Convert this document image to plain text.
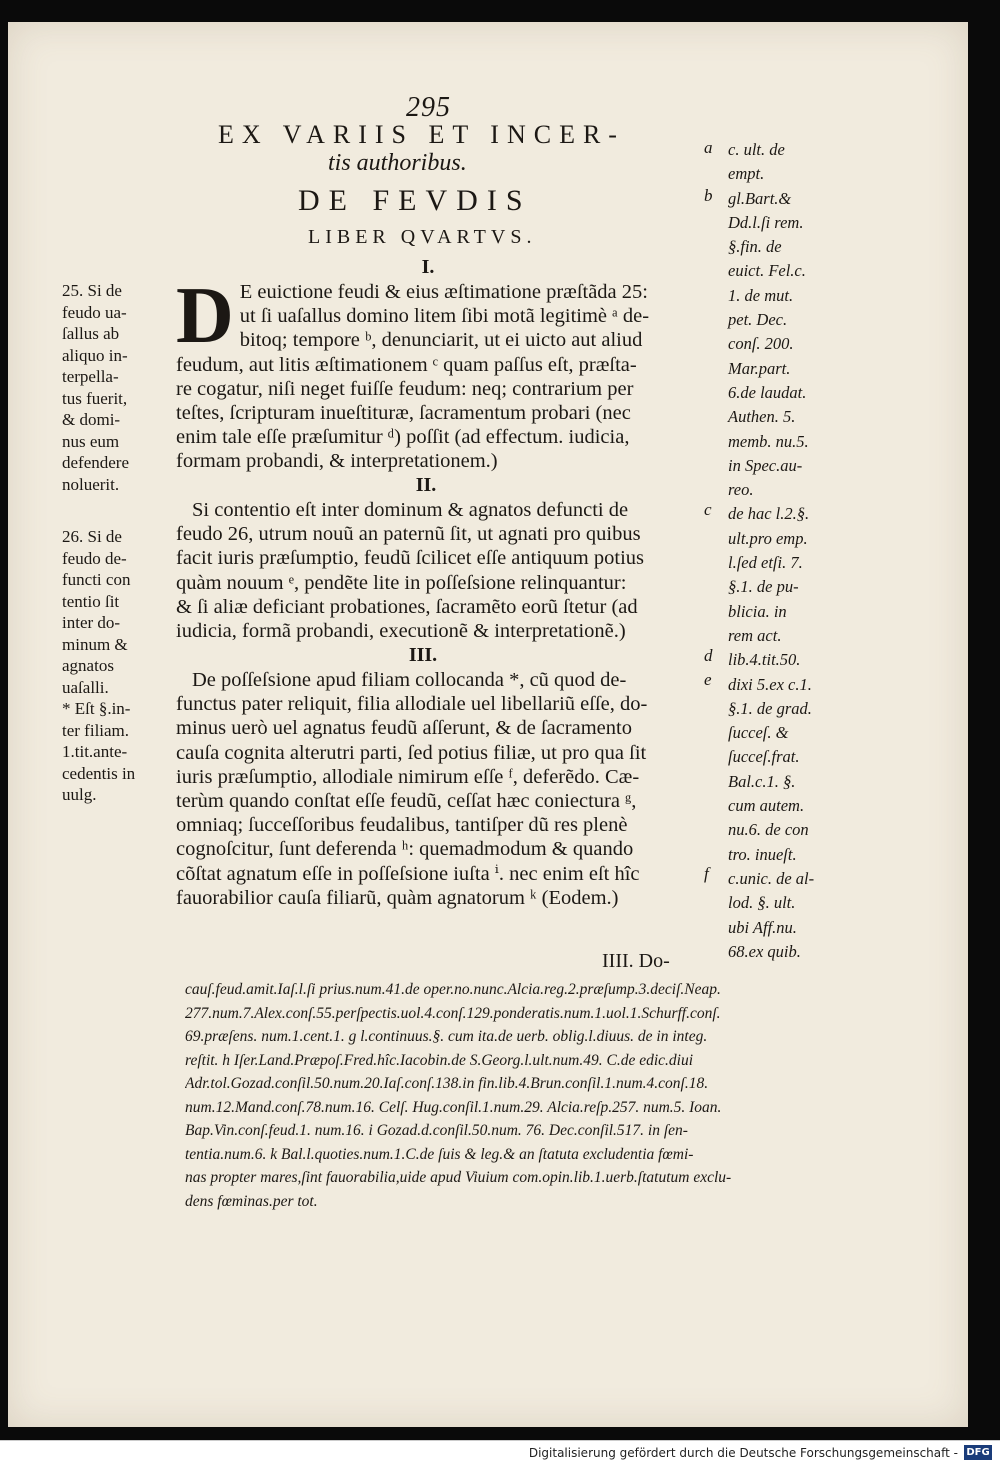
295
EX VARIIS ET INCER-
tis authoribus.
DE FEVDIS
LIBER QVARTVS.
I.
D E euictione feudi & eius æſtimatione præſtãda 25:
ut ſi uaſallus domino litem ſibi motã legitimè ᵃ de-
bitoq; tempore ᵇ, denunciarit, ut ei uicto aut aliud
feudum, aut litis æſtimationem ᶜ quam paſſus eſt, præſta-
re cogatur, niſi neget fuiſſe feudum: neq; contrarium per
teſtes, ſcripturam inueſtituræ, ſacramentum probari (nec
enim tale eſſe præſumitur ᵈ) poſſit (ad effectum. iudicia,
formam probandi, & interpretationem.)
II.
Si contentio eſt inter dominum & agnatos defuncti de
feudo 26, utrum nouũ an paternũ ſit, ut agnati pro quibus
facit iuris præſumptio, feudũ ſcilicet eſſe antiquum potius
quàm nouum ᵉ, pendẽte lite in poſſeſsione relinquantur:
& ſi aliæ deficiant probationes, ſacramẽto eorũ ſtetur (ad
iudicia, formã probandi, executionẽ & interpretationẽ.)
III.
De poſſeſsione apud filiam collocanda *, cũ quod de-
functus pater reliquit, filia allodiale uel libellariũ eſſe, do-
minus uerò uel agnatus feudũ aſſerunt, & de ſacramento
cauſa cognita alterutri parti, ſed potius filiæ, ut pro qua ſit
iuris præſumptio, allodiale nimirum eſſe ᶠ, deferẽdo. Cæ-
terùm quando conſtat eſſe feudũ, ceſſat hæc coniectura ᵍ,
omniaq; ſucceſſoribus feudalibus, tantiſper dũ res plenè
cognoſcitur, ſunt deferenda ʰ: quemadmodum & quando
cõſtat agnatum eſſe in poſſeſsione iuſta ⁱ. nec enim eſt hîc
fauorabilior cauſa filiarũ, quàm agnatorum ᵏ (Eodem.)
IIII. Do-
25. Si de
feudo ua-
ſallus ab
aliquo in-
terpella-
tus fuerit,
& domi-
nus eum
defendere
noluerit.
26. Si de
feudo de-
functi con
tentio ſit
inter do-
minum &
agnatos
uaſalli.
* Eſt §.in-
ter filiam.
1.tit.ante-
cedentis in
uulg.
a
b
c
d
e
f
c. ult. de
empt.
gl.Bart.&
Dd.l.ſi rem.
§.fin. de
euict. Fel.c.
1. de mut.
pet. Dec.
conſ. 200.
Mar.part.
6.de laudat.
Authen. 5.
memb. nu.5.
in Spec.au-
reo.
de hac l.2.§.
ult.pro emp.
l.ſed etſi. 7.
§.1. de pu-
blicia. in
rem act.
lib.4.tit.50.
dixi 5.ex c.1.
§.1. de grad.
ſucceſ. &
ſucceſ.frat.
Bal.c.1. §.
cum autem.
nu.6. de con
tro. inueſt.
c.unic. de al-
lod. §. ult.
ubi Aff.nu.
68.ex quib.
cauſ.feud.amit.Iaſ.l.ſi prius.num.41.de oper.no.nunc.Alcia.reg.2.præſump.3.deciſ.Neap.
277.num.7.Alex.conſ.55.perſpectis.uol.4.conſ.129.ponderatis.num.1.uol.1.Schurff.conſ.
69.præſens. num.1.cent.1. g l.continuus.§. cum ita.de uerb. oblig.l.diuus. de in integ.
reſtit. h Iſer.Land.Præpoſ.Fred.hîc.Iacobin.de S.Georg.l.ult.num.49. C.de edic.diui
Adr.tol.Gozad.conſil.50.num.20.Iaſ.conſ.138.in fin.lib.4.Brun.conſil.1.num.4.conſ.18.
num.12.Mand.conſ.78.num.16. Celſ. Hug.conſil.1.num.29. Alcia.reſp.257. num.5. Ioan.
Bap.Vin.conſ.feud.1. num.16. i Gozad.d.conſil.50.num. 76. Dec.conſil.517. in ſen-
tentia.num.6. k Bal.l.quoties.num.1.C.de ſuis & leg.& an ſtatuta excludentia fœmi-
nas propter mares,ſint fauorabilia,uide apud Viuium com.opin.lib.1.uerb.ſtatutum exclu-
dens fœminas.per tot.
Digitalisierung gefördert durch die Deutsche Forschungsgemeinschaft - DFG
